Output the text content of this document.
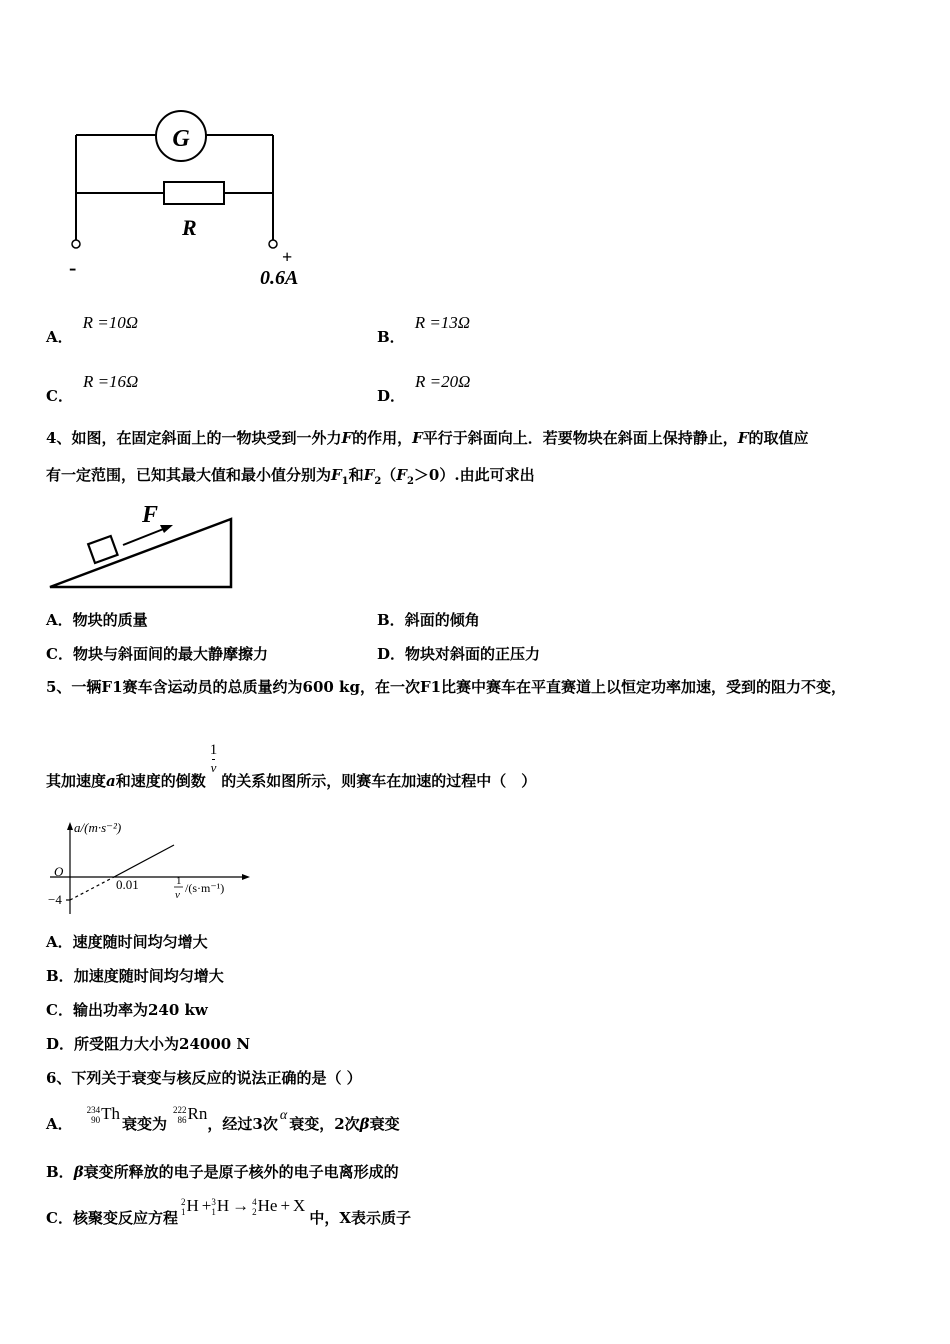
G
R
-	+
0.6A
A．R =10Ω
B．R =13Ω
C．R =16Ω
D．R =20Ω
4、如图，在固定斜面上的一物块受到一外力F的作用，F平行于斜面向上．若要物块在斜面上保持静止，F的取值应
有一定范围，已知其最大值和最小值分别为$F_1$和$F_2(F_2>0)$.由此可求出
F
A．物块的质量	B．斜面的倾角
C．物块与斜面间的最大静摩擦力	D．物块对斜面的正压力
5、一辆F1赛车含运动员的总质量约为600 kg，在一次F1比赛中赛车在平直赛道上以恒定功率加速，受到的阻力不变，
其加速度a和速度的倒数
$\frac{1}{v}$
的关系如图所示，则赛车在加速的过程中（　）
a/(m·s⁻²)
O
−4
0.01	1
v /(s·m⁻¹)
A．速度随时间均匀增大
B．加速度随时间均匀增大
C．输出功率为240 kw
D．所受阻力大小为24000 N
6、下列关于衰变与核反应的说法正确的是（ ）
A．
234
90 Th衰变为
222
86 Rn，经过3次 α 衰变，2次β衰变
B．β衰变所释放的电子是原子核外的电子电离形成的
C．核聚变反应方程
2
1 H + 3
1 H → 4
2 He + X中，X表示质子
